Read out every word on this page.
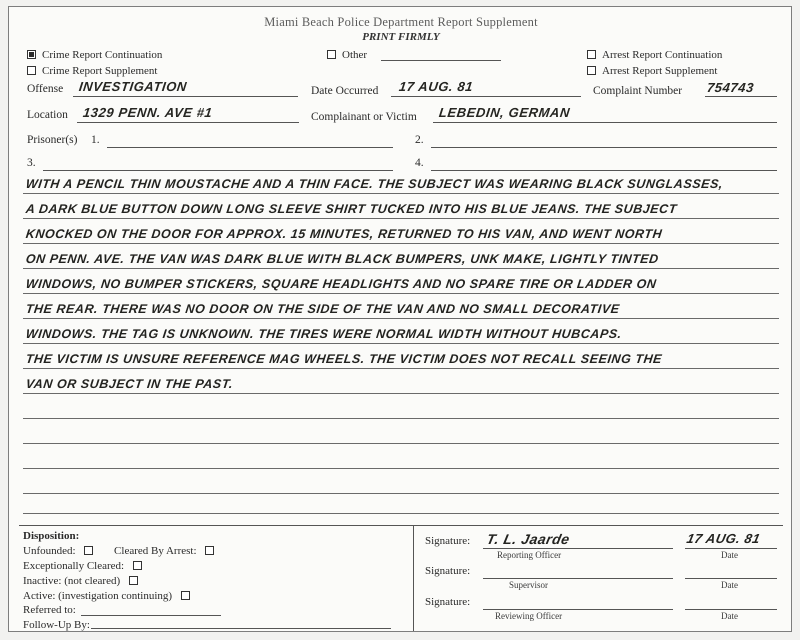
Miami Beach Police Department Report Supplement
PRINT FIRMLY
Crime Report Continuation
Crime Report Supplement
Other	Arrest Report Continuation
Arrest Report Supplement
Offense INVESTIGATION	Date Occurred 17 AUG. 81	Complaint Number 754743
Location 1329 PENN. AVE #1	Complainant or Victim LEBEDIN, GERMAN
Prisoner(s) 1.	2.
3.	4.
WITH A PENCIL THIN MOUSTACHE AND A THIN FACE. THE SUBJECT WAS WEARING BLACK SUNGLASSES,
A DARK BLUE BUTTON DOWN LONG SLEEVE SHIRT TUCKED INTO HIS BLUE JEANS. THE SUBJECT
KNOCKED ON THE DOOR FOR APPROX. 15 MINUTES, RETURNED TO HIS VAN, AND WENT NORTH
ON PENN. AVE. THE VAN WAS DARK BLUE WITH BLACK BUMPERS, UNK MAKE, LIGHTLY TINTED
WINDOWS, NO BUMPER STICKERS, SQUARE HEADLIGHTS AND NO SPARE TIRE OR LADDER ON
THE REAR. THERE WAS NO DOOR ON THE SIDE OF THE VAN AND NO SMALL DECORATIVE
WINDOWS. THE TAG IS UNKNOWN. THE TIRES WERE NORMAL WIDTH WITHOUT HUBCAPS.
THE VICTIM IS UNSURE REFERENCE MAG WHEELS. THE VICTIM DOES NOT RECALL SEEING THE
VAN OR SUBJECT IN THE PAST.
Disposition:
Unfounded:	Cleared By Arrest:
Exceptionally Cleared:
Inactive: (not cleared)
Active: (investigation continuing)
Referred to:
Follow-Up By:
Signature: T. L. Jaarde
Reporting Officer
17 AUG. 81
Date
Signature:
Supervisor	Date
Signature:
Reviewing Officer	Date
